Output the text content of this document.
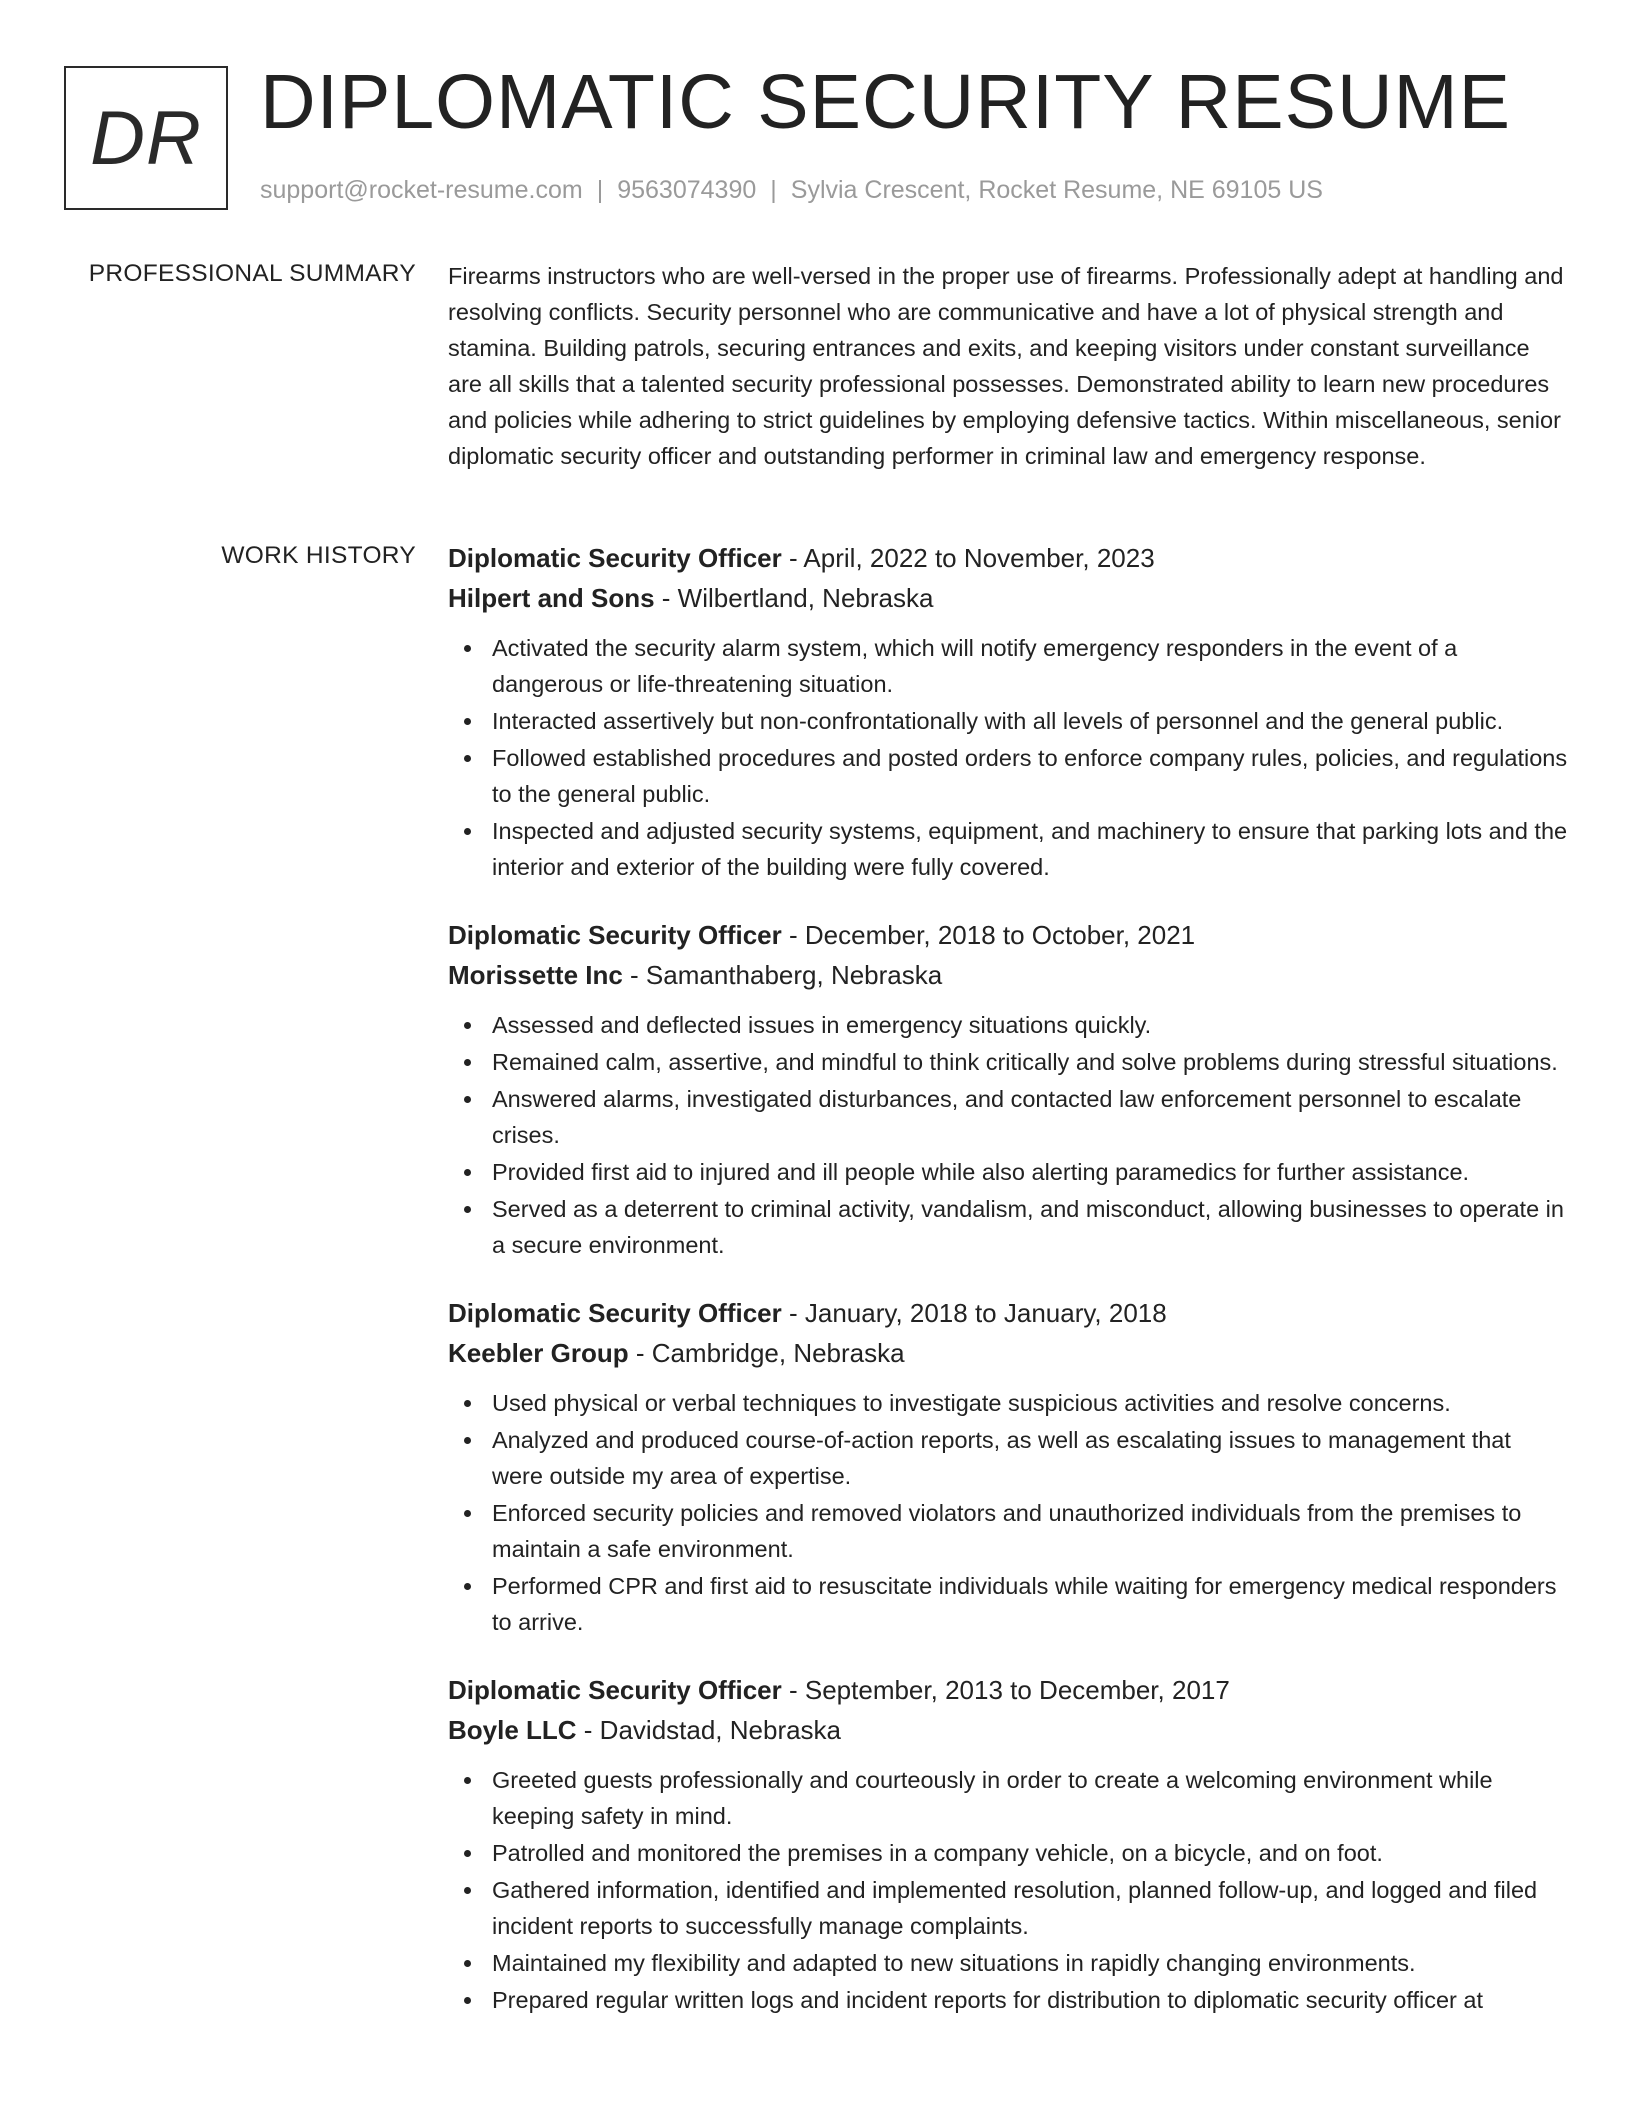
DR DIPLOMATIC SECURITY RESUME
support@rocket-resume.com | 9563074390 | Sylvia Crescent, Rocket Resume, NE 69105 US
PROFESSIONAL SUMMARY Firearms instructors who are well-versed in the proper use of firearms. Professionally adept at handling and resolving conflicts. Security personnel who are communicative and have a lot of physical strength and stamina. Building patrols, securing entrances and exits, and keeping visitors under constant surveillance are all skills that a talented security professional possesses. Demonstrated ability to learn new procedures and policies while adhering to strict guidelines by employing defensive tactics. Within miscellaneous, senior diplomatic security officer and outstanding performer in criminal law and emergency response.

WORK HISTORY Diplomatic Security Officer - April, 2022 to November, 2023
Hilpert and Sons - Wilbertland, Nebraska
Activated the security alarm system, which will notify emergency responders in the event of a dangerous or life-threatening situation.
Interacted assertively but non-confrontationally with all levels of personnel and the general public.
Followed established procedures and posted orders to enforce company rules, policies, and regulations to the general public.
Inspected and adjusted security systems, equipment, and machinery to ensure that parking lots and the interior and exterior of the building were fully covered.
Diplomatic Security Officer - December, 2018 to October, 2021
Morissette Inc - Samanthaberg, Nebraska
Assessed and deflected issues in emergency situations quickly.
Remained calm, assertive, and mindful to think critically and solve problems during stressful situations.
Answered alarms, investigated disturbances, and contacted law enforcement personnel to escalate crises.
Provided first aid to injured and ill people while also alerting paramedics for further assistance.
Served as a deterrent to criminal activity, vandalism, and misconduct, allowing businesses to operate in a secure environment.
Diplomatic Security Officer - January, 2018 to January, 2018
Keebler Group - Cambridge, Nebraska
Used physical or verbal techniques to investigate suspicious activities and resolve concerns.
Analyzed and produced course-of-action reports, as well as escalating issues to management that were outside my area of expertise.
Enforced security policies and removed violators and unauthorized individuals from the premises to maintain a safe environment.
Performed CPR and first aid to resuscitate individuals while waiting for emergency medical responders to arrive.
Diplomatic Security Officer - September, 2013 to December, 2017
Boyle LLC - Davidstad, Nebraska
Greeted guests professionally and courteously in order to create a welcoming environment while keeping safety in mind.
Patrolled and monitored the premises in a company vehicle, on a bicycle, and on foot.
Gathered information, identified and implemented resolution, planned follow-up, and logged and filed incident reports to successfully manage complaints.
Maintained my flexibility and adapted to new situations in rapidly changing environments.
Prepared regular written logs and incident reports for distribution to diplomatic security officer at
